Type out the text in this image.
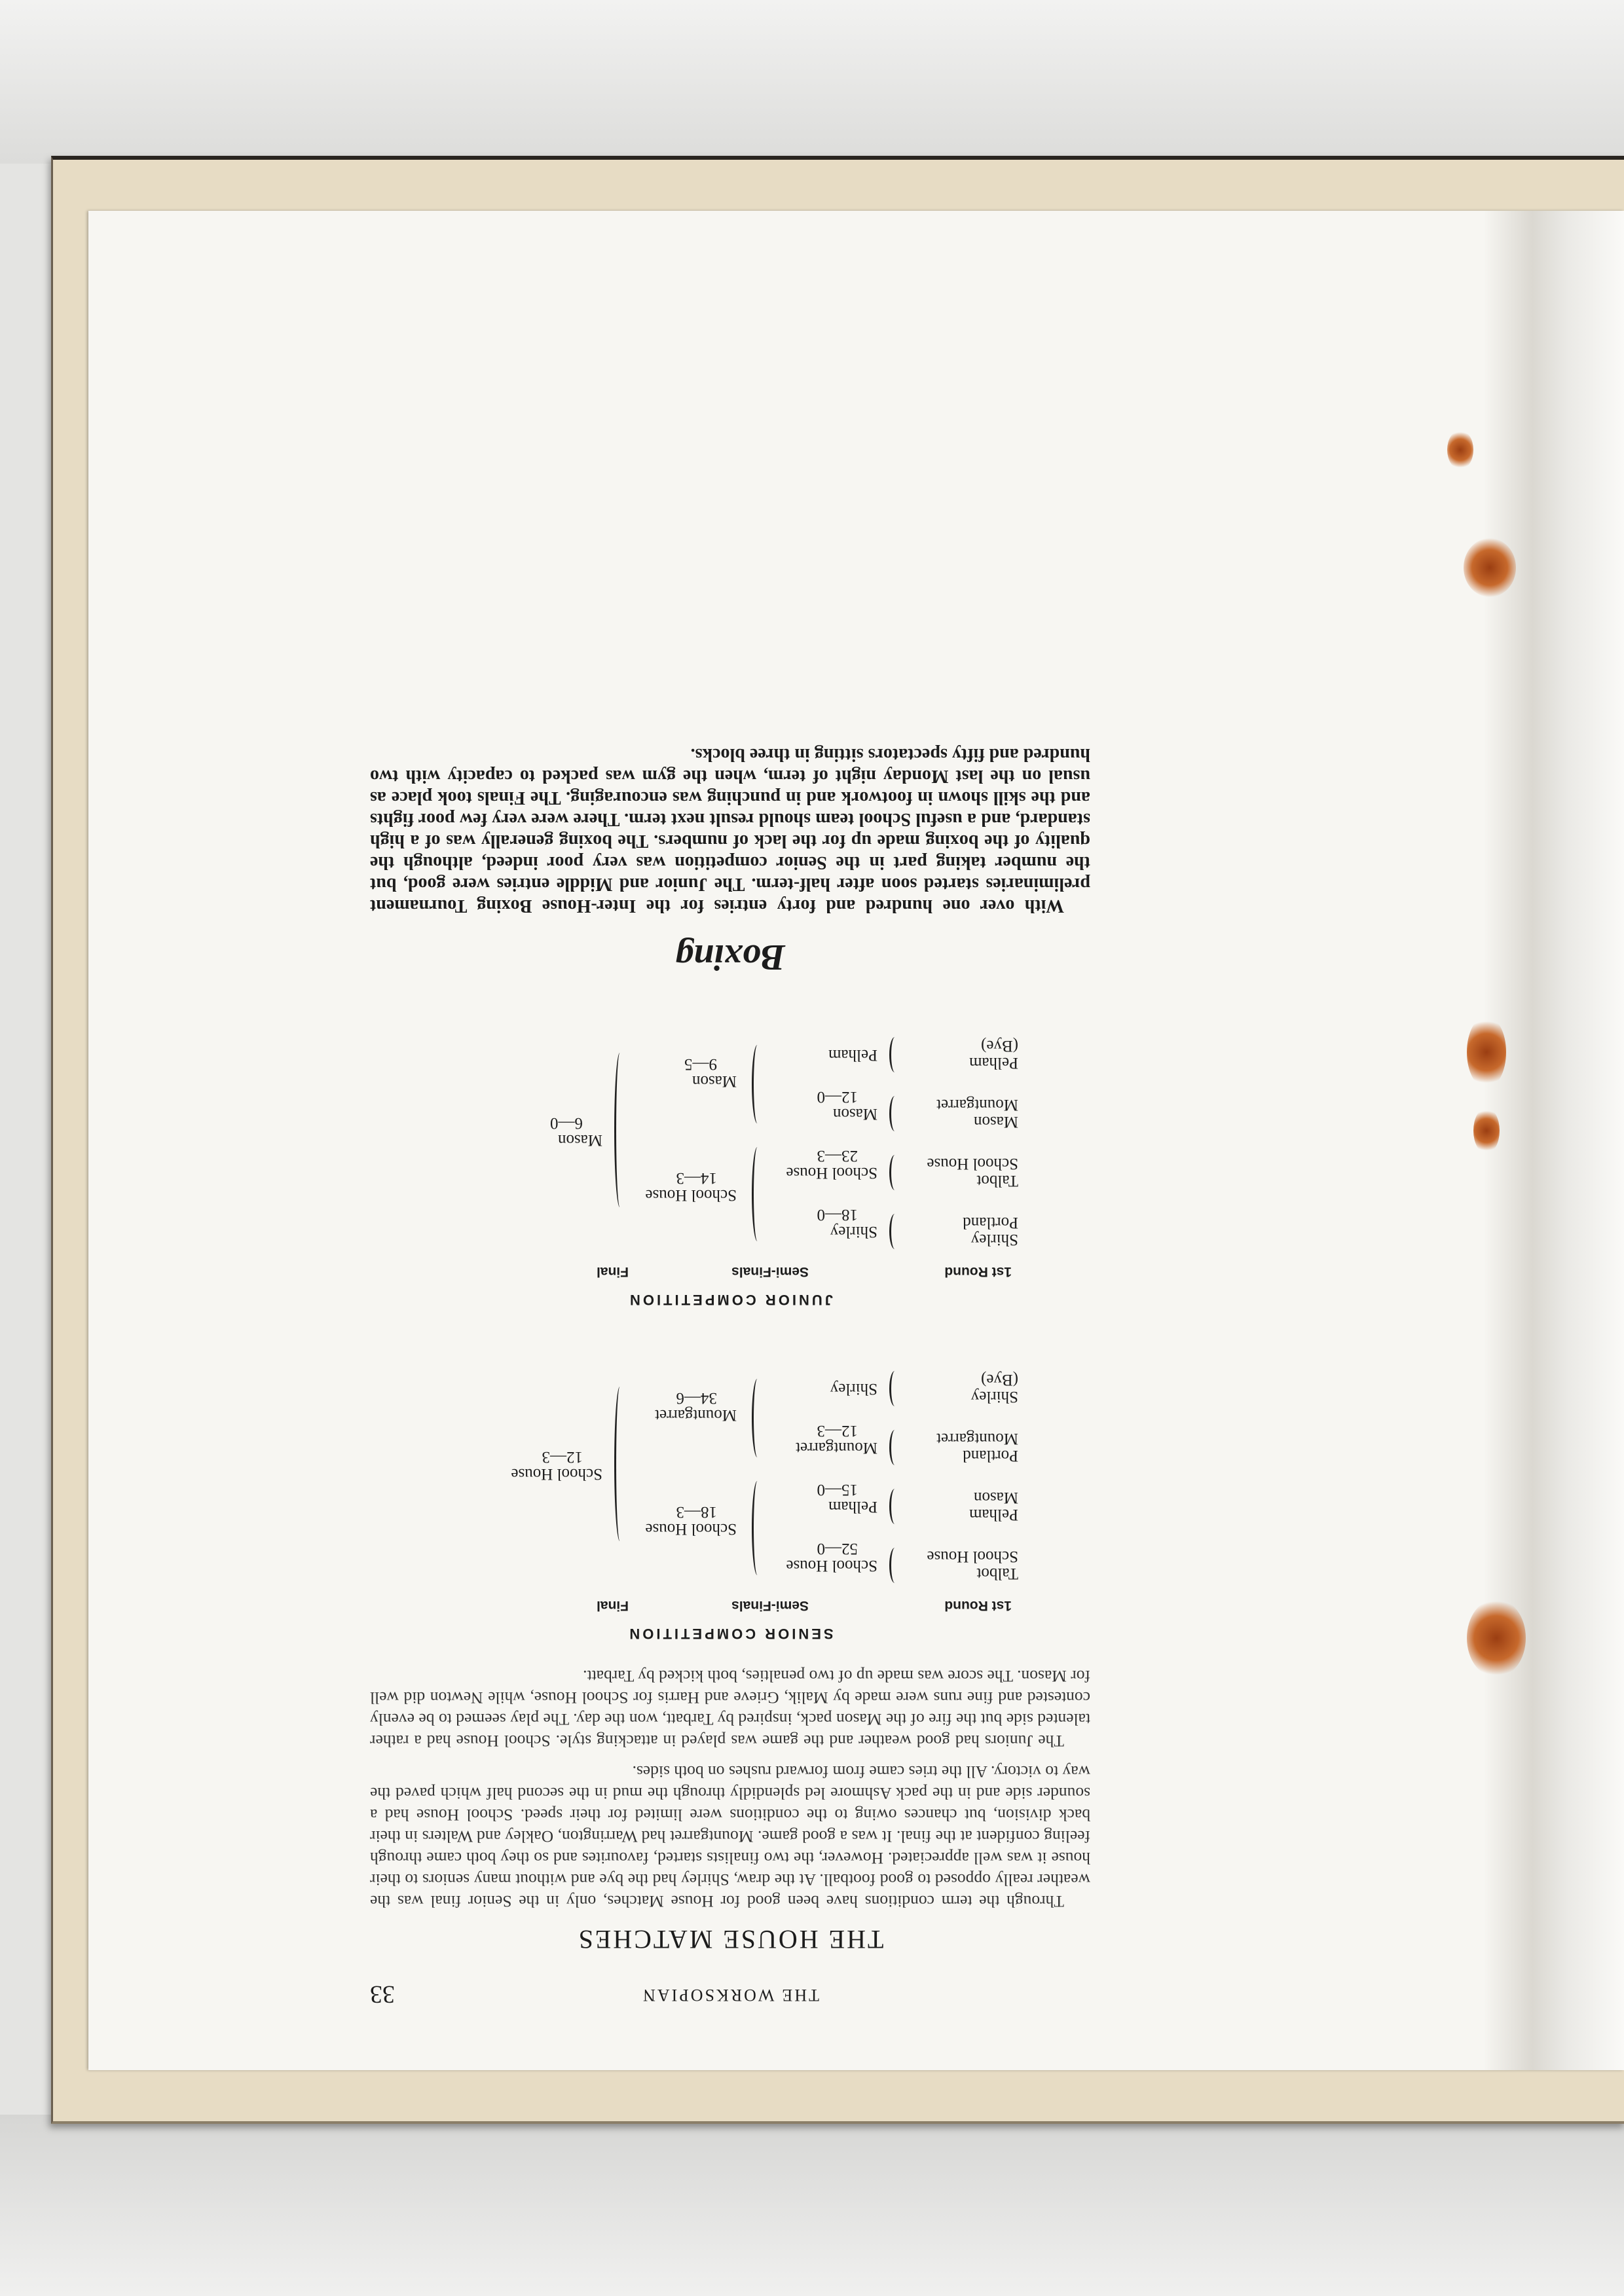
THE WORKSOPIAN
33
THE HOUSE MATCHES

Through the term conditions have been good for House Matches, only in the Senior final was the weather really opposed to good football. At the draw, Shirley had the bye and without many seniors to their house it was well appreciated. However, the two finalists started, favourites and so they both came through feeling confident at the final. It was a good game. Mountgarret had Warrington, Oakley and Walters in their back division, but chances owing to the conditions were limited for their speed. School House had a sounder side and in the pack Ashmore led splendidly through the mud in the second half which paved the way to victory. All the tries came from forward rushes on both sides.

The Juniors had good weather and the game was played in attacking style. School House had a rather talented side but the fire of the Mason pack, inspired by Tarbatt, won the day. The play seemed to be evenly contested and fine runs were made by Malik, Grieve and Harris for School House, while Newton did well for Mason. The score was made up of two penalties, both kicked by Tarbatt.

SENIOR COMPETITION
1st Round
Semi-Finals
Final
Talbot
School House
Pelham
Mason
Portland
Mountgarret
Shirley
(Bye)
School House
52—0
Pelham
15—0
Mountgarret
12—3
Shirley
School House
18—3
Mountgarret
34—6
School House
12—3
JUNIOR COMPETITION
1st Round
Semi-Finals
Final
Shirley
Portland
Talbot
School House
Mason
Mountgarret
Pelham
(Bye)
Shirley
18—0
School House
23—3
Mason
12—0
Pelham
School House
14—3
Mason
9—5
Mason
6—0
Boxing

With over one hundred and forty entries for the Inter-House Boxing Tournament preliminaries started soon after half-term. The Junior and Middle entries were good, but the number taking part in the Senior competition was very poor indeed, although the quality of the boxing made up for the lack of numbers. The boxing generally was of a high standard, and a useful School team should result next term. There were very few poor fights and the skill shown in footwork and in punching was encouraging. The Finals took place as usual on the last Monday night of term, when the gym was packed to capacity with two hundred and fifty spectators sitting in three blocks.
